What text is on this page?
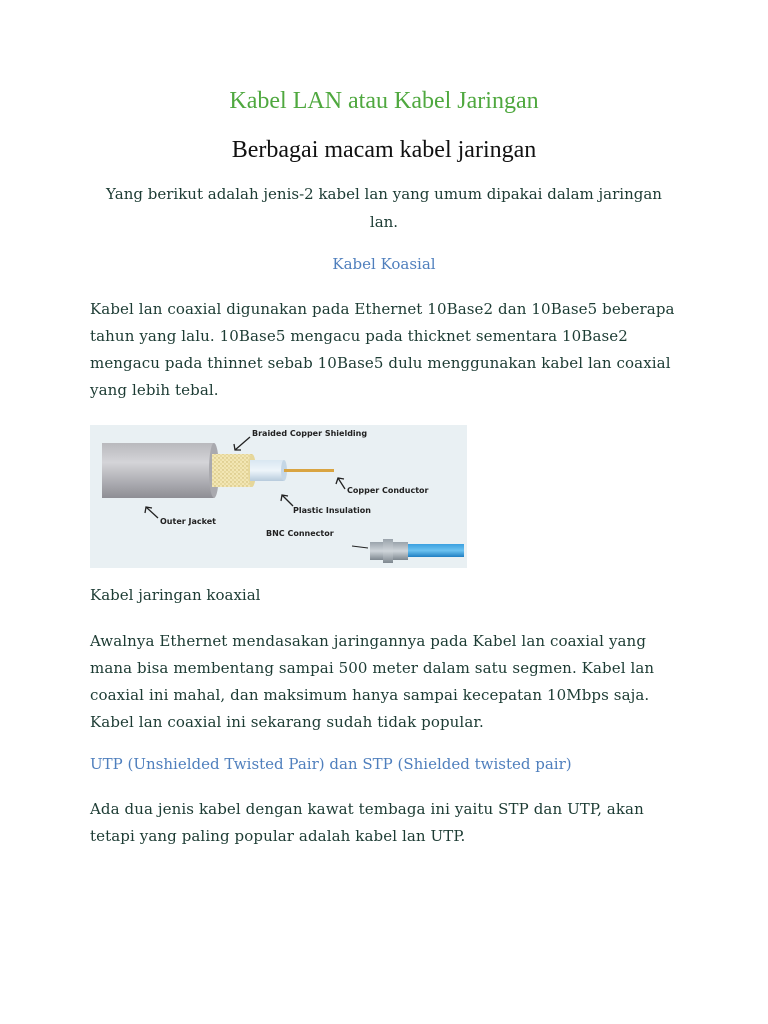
Kabel LAN atau Kabel Jaringan
Berbagai macam kabel jaringan

Yang berikut adalah jenis-2 kabel lan yang umum dipakai dalam jaringan lan.

Kabel Koasial

Kabel lan coaxial digunakan pada Ethernet 10Base2 dan 10Base5 beberapa tahun yang lalu. 10Base5 mengacu pada thicknet sementara 10Base2 mengacu pada thinnet sebab 10Base5 dulu menggunakan kabel lan coaxial yang lebih tebal.

Braided Copper Shielding
Copper Conductor
Plastic Insulation
Outer Jacket
BNC Connector

Kabel jaringan koaxial

Awalnya Ethernet mendasakan jaringannya pada Kabel lan coaxial yang mana bisa membentang sampai 500 meter dalam satu segmen. Kabel lan coaxial ini mahal, dan maksimum hanya sampai kecepatan 10Mbps saja. Kabel lan coaxial ini sekarang sudah tidak popular.

UTP (Unshielded Twisted Pair) dan STP (Shielded twisted pair)

Ada dua jenis kabel dengan kawat tembaga ini yaitu STP dan UTP, akan tetapi yang paling popular adalah kabel lan UTP.
